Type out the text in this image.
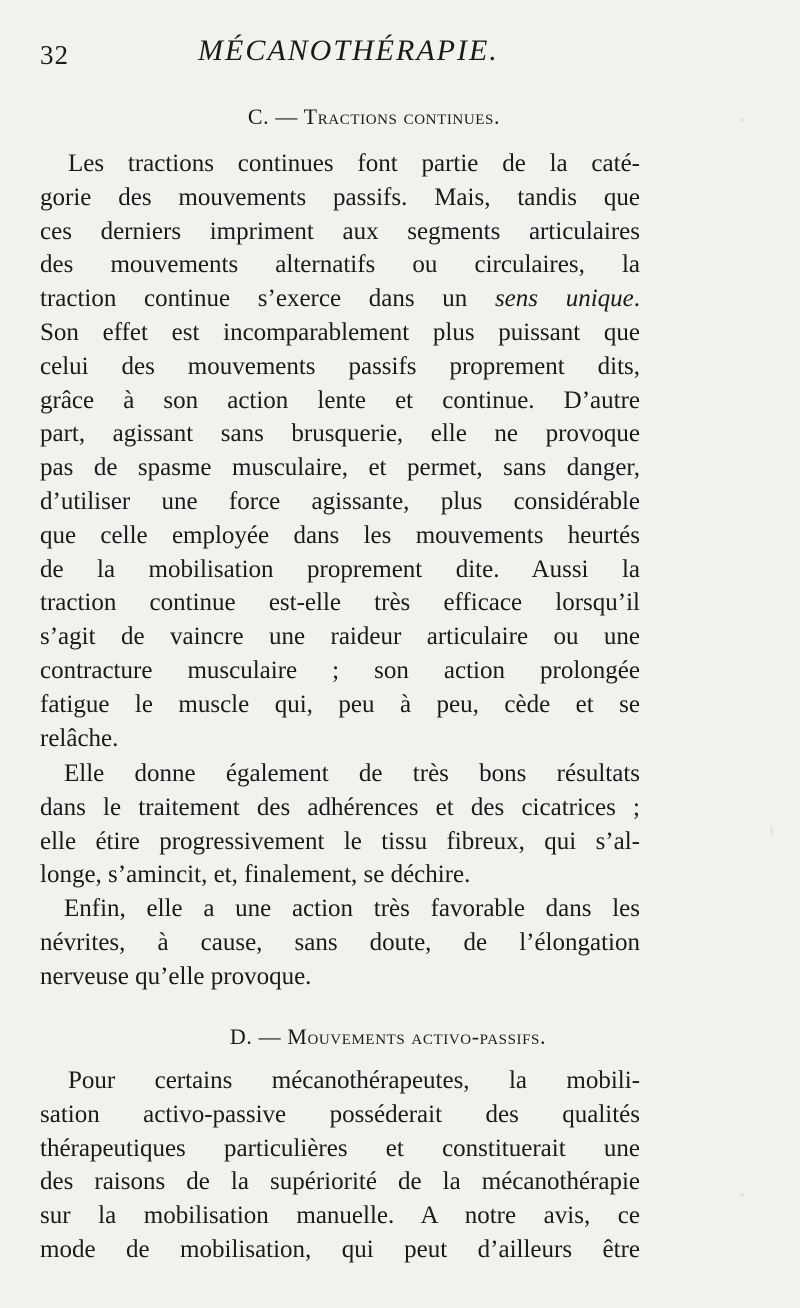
32	MÉCANOTHÉRAPIE.
C. — Tractions continues.
Les tractions continues font partie de la caté-
gorie des mouvements passifs. Mais, tandis que
ces derniers impriment aux segments articulaires
des mouvements alternatifs ou circulaires, la
traction continue s’exerce dans un sens unique.
Son effet est incomparablement plus puissant que
celui des mouvements passifs proprement dits,
grâce à son action lente et continue. D’autre
part, agissant sans brusquerie, elle ne provoque
pas de spasme musculaire, et permet, sans danger,
d’utiliser une force agissante, plus considérable
que celle employée dans les mouvements heurtés
de la mobilisation proprement dite. Aussi la
traction continue est-elle très efficace lorsqu’il
s’agit de vaincre une raideur articulaire ou une
contracture musculaire ; son action prolongée
fatigue le muscle qui, peu à peu, cède et se
relâche.
Elle donne également de très bons résultats
dans le traitement des adhérences et des cicatrices ;
elle étire progressivement le tissu fibreux, qui s’al-
longe, s’amincit, et, finalement, se déchire.
Enfin, elle a une action très favorable dans les
névrites, à cause, sans doute, de l’élongation
nerveuse qu’elle provoque.
D. — Mouvements activo-passifs.
Pour certains mécanothérapeutes, la mobili-
sation activo-passive posséderait des qualités
thérapeutiques particulières et constituerait une
des raisons de la supériorité de la mécanothérapie
sur la mobilisation manuelle. A notre avis, ce
mode de mobilisation, qui peut d’ailleurs être
